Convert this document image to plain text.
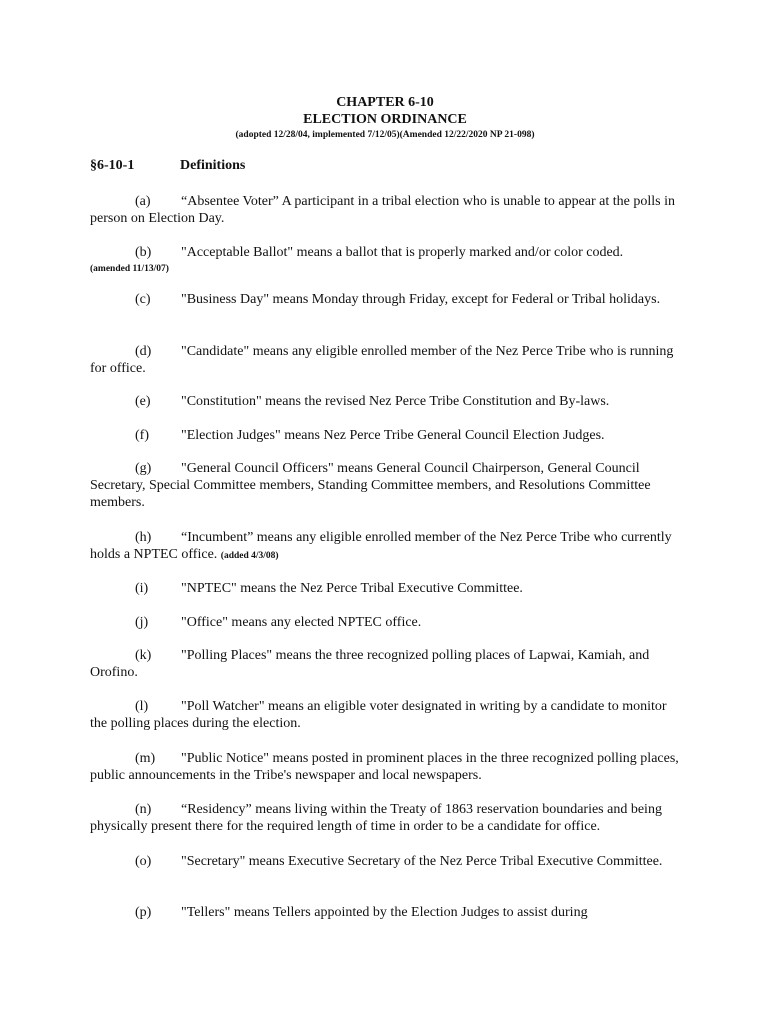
CHAPTER 6-10
ELECTION ORDINANCE
(adopted 12/28/04, implemented 7/12/05)(Amended 12/22/2020 NP 21-098)
§6-10-1	Definitions
(a) “Absentee Voter” A participant in a tribal election who is unable to appear at the polls in person on Election Day.
(b) "Acceptable Ballot" means a ballot that is properly marked and/or color coded.
(amended 11/13/07)
(c) "Business Day" means Monday through Friday, except for Federal or Tribal holidays.
(d) "Candidate" means any eligible enrolled member of the Nez Perce Tribe who is running for office.
(e) "Constitution" means the revised Nez Perce Tribe Constitution and By-laws.
(f) "Election Judges" means Nez Perce Tribe General Council Election Judges.
(g) "General Council Officers" means General Council Chairperson, General Council Secretary, Special Committee members, Standing Committee members, and Resolutions Committee members.
(h) “Incumbent” means any eligible enrolled member of the Nez Perce Tribe who currently holds a NPTEC office. (added 4/3/08)
(i) "NPTEC" means the Nez Perce Tribal Executive Committee.
(j) "Office" means any elected NPTEC office.
(k) "Polling Places" means the three recognized polling places of Lapwai, Kamiah, and Orofino.
(l) "Poll Watcher" means an eligible voter designated in writing by a candidate to monitor the polling places during the election.
(m) "Public Notice" means posted in prominent places in the three recognized polling places, public announcements in the Tribe's newspaper and local newspapers.
(n) “Residency” means living within the Treaty of 1863 reservation boundaries and being physically present there for the required length of time in order to be a candidate for office.
(o) "Secretary" means Executive Secretary of the Nez Perce Tribal Executive Committee.
(p) "Tellers" means Tellers appointed by the Election Judges to assist during
